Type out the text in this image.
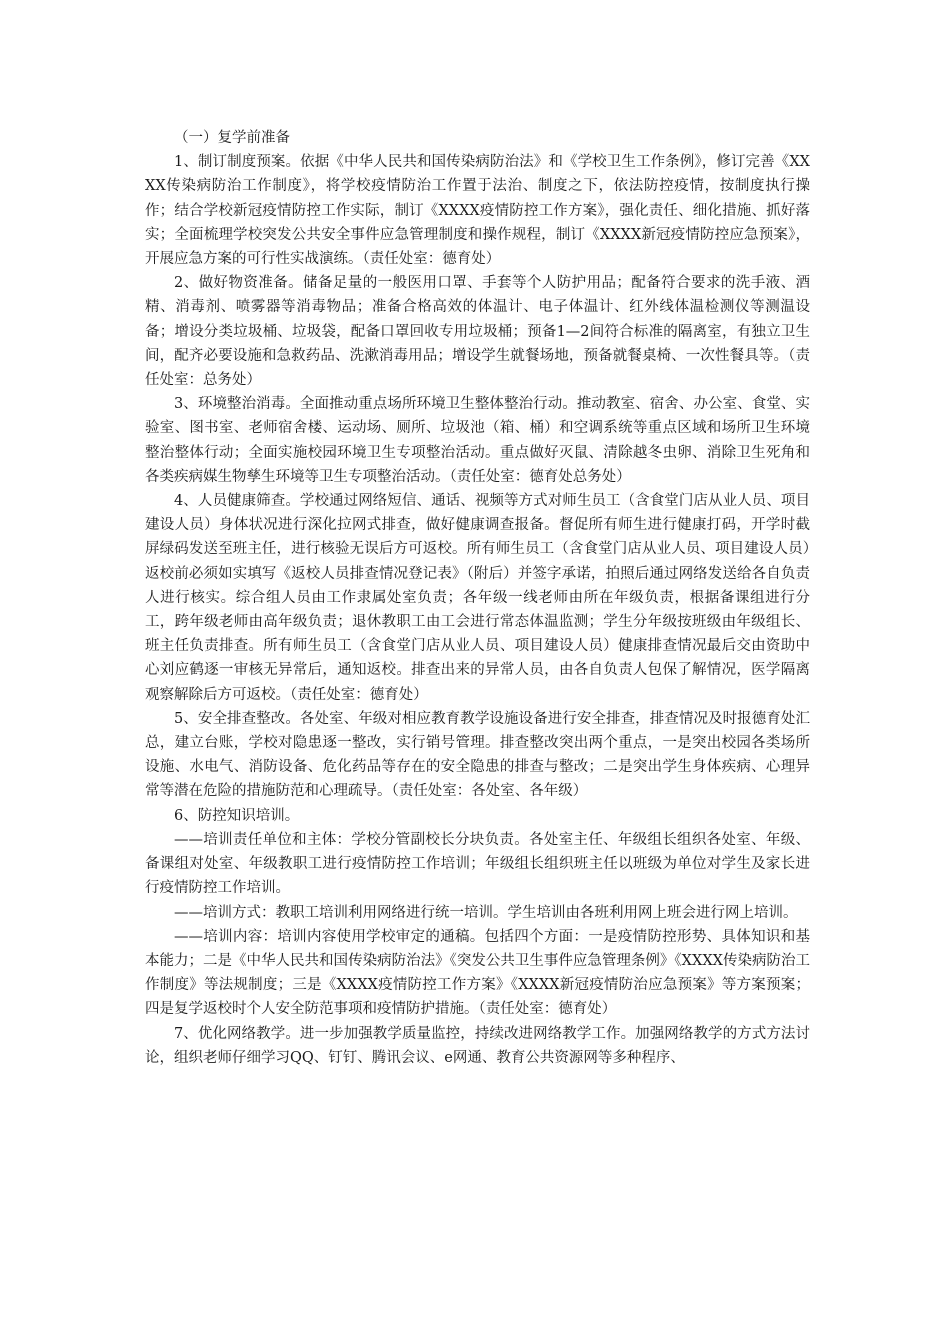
（一）复学前准备

1、制订制度预案。依据《中华人民共和国传染病防治法》和《学校卫生工作条例》，修订完善《XXXX传染病防治工作制度》，将学校疫情防治工作置于法治、制度之下，依法防控疫情，按制度执行操作；结合学校新冠疫情防控工作实际，制订《XXXX疫情防控工作方案》，强化责任、细化措施、抓好落实；全面梳理学校突发公共安全事件应急管理制度和操作规程，制订《XXXX新冠疫情防控应急预案》，开展应急方案的可行性实战演练。（责任处室：德育处）

2、做好物资准备。储备足量的一般医用口罩、手套等个人防护用品；配备符合要求的洗手液、酒精、消毒剂、喷雾器等消毒物品；准备合格高效的体温计、电子体温计、红外线体温检测仪等测温设备；增设分类垃圾桶、垃圾袋，配备口罩回收专用垃圾桶；预备1—2间符合标准的隔离室，有独立卫生间，配齐必要设施和急救药品、洗漱消毒用品；增设学生就餐场地，预备就餐桌椅、一次性餐具等。（责任处室：总务处）

3、环境整治消毒。全面推动重点场所环境卫生整体整治行动。推动教室、宿舍、办公室、食堂、实验室、图书室、老师宿舍楼、运动场、厕所、垃圾池（箱、桶）和空调系统等重点区域和场所卫生环境整治整体行动；全面实施校园环境卫生专项整治活动。重点做好灭鼠、清除越冬虫卵、消除卫生死角和各类疾病媒生物孳生环境等卫生专项整治活动。（责任处室：德育处总务处）

4、人员健康筛查。学校通过网络短信、通话、视频等方式对师生员工（含食堂门店从业人员、项目建设人员）身体状况进行深化拉网式排查，做好健康调查报备。督促所有师生进行健康打码，开学时截屏绿码发送至班主任，进行核验无误后方可返校。所有师生员工（含食堂门店从业人员、项目建设人员）返校前必须如实填写《返校人员排查情况登记表》（附后）并签字承诺，拍照后通过网络发送给各自负责人进行核实。综合组人员由工作隶属处室负责；各年级一线老师由所在年级负责，根据备课组进行分工，跨年级老师由高年级负责；退休教职工由工会进行常态体温监测；学生分年级按班级由年级组长、班主任负责排查。所有师生员工（含食堂门店从业人员、项目建设人员）健康排查情况最后交由资助中心刘应鹤逐一审核无异常后，通知返校。排查出来的异常人员，由各自负责人包保了解情况，医学隔离观察解除后方可返校。（责任处室：德育处）

5、安全排查整改。各处室、年级对相应教育教学设施设备进行安全排查，排查情况及时报德育处汇总，建立台账，学校对隐患逐一整改，实行销号管理。排查整改突出两个重点，一是突出校园各类场所设施、水电气、消防设备、危化药品等存在的安全隐患的排查与整改；二是突出学生身体疾病、心理异常等潜在危险的措施防范和心理疏导。（责任处室：各处室、各年级）

6、防控知识培训。

——培训责任单位和主体：学校分管副校长分块负责。各处室主任、年级组长组织各处室、年级、备课组对处室、年级教职工进行疫情防控工作培训；年级组长组织班主任以班级为单位对学生及家长进行疫情防控工作培训。

——培训方式：教职工培训利用网络进行统一培训。学生培训由各班利用网上班会进行网上培训。

——培训内容：培训内容使用学校审定的通稿。包括四个方面：一是疫情防控形势、具体知识和基本能力；二是《中华人民共和国传染病防治法》《突发公共卫生事件应急管理条例》《XXXX传染病防治工作制度》等法规制度；三是《XXXX疫情防控工作方案》《XXXX新冠疫情防治应急预案》等方案预案；四是复学返校时个人安全防范事项和疫情防护措施。（责任处室：德育处）

7、优化网络教学。进一步加强教学质量监控，持续改进网络教学工作。加强网络教学的方式方法讨论，组织老师仔细学习QQ、钉钉、腾讯会议、e网通、教育公共资源网等多种程序、
